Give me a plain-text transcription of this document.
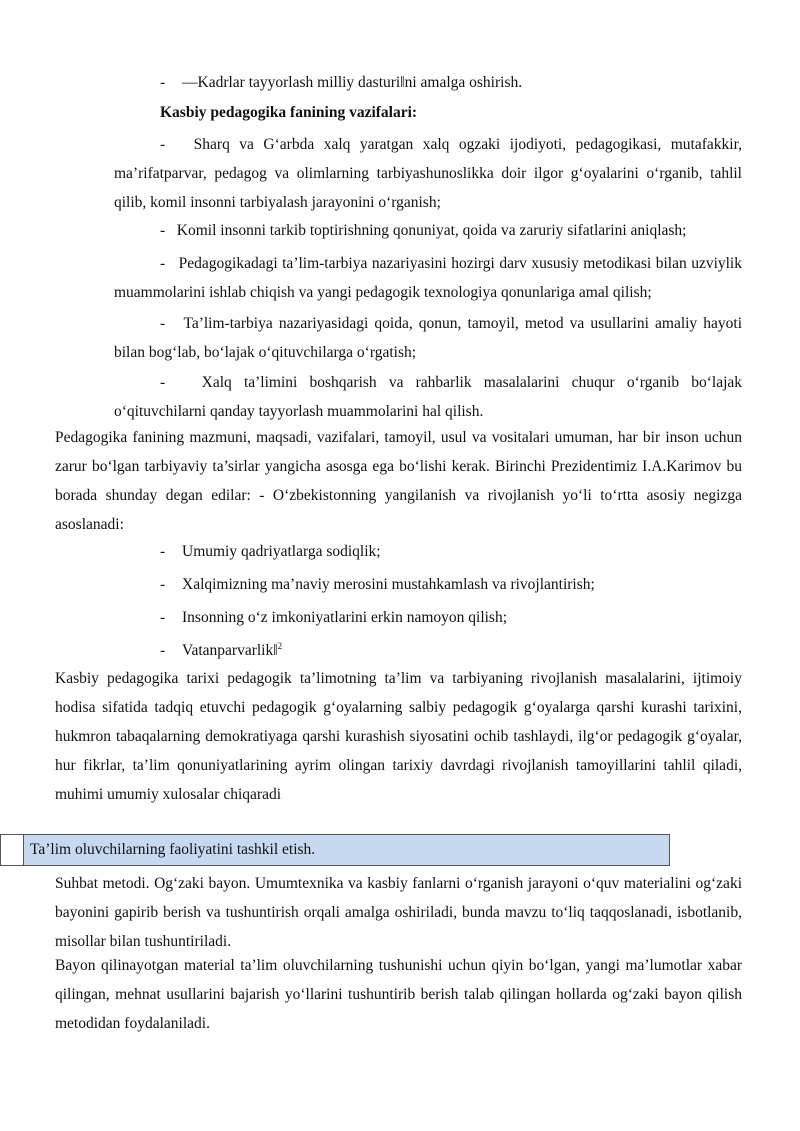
- —Kadrlar tayyorlash milliy dasturi‖ni amalga oshirish.
Kasbiy pedagogika fanining vazifalari:
- Sharq va G‘arbda xalq yaratgan xalq ogzaki ijodiyoti, pedagogikasi, mutafakkir, ma’rifatparvar, pedagog va olimlarning tarbiyashunoslikka doir ilgor g‘oyalarini o‘rganib, tahlil qilib, komil insonni tarbiyalash jarayonini o‘rganish;
- Komil insonni tarkib toptirishning qonuniyat, qoida va zaruriy sifatlarini aniqlash;
- Pedagogikadagi ta’lim-tarbiya nazariyasini hozirgi darv xususiy metodikasi bilan uzviylik muammolarini ishlab chiqish va yangi pedagogik texnologiya qonunlariga amal qilish;
- Ta’lim-tarbiya nazariyasidagi qoida, qonun, tamoyil, metod va usullarini amaliy hayoti bilan bog‘lab, bo‘lajak o‘qituvchilarga o‘rgatish;
- Xalq ta’limini boshqarish va rahbarlik masalalarini chuqur o‘rganib bo‘lajak o‘qituvchilarni qanday tayyorlash muammolarini hal qilish.
Pedagogika fanining mazmuni, maqsadi, vazifalari, tamoyil, usul va vositalari umuman, har bir inson uchun zarur bo‘lgan tarbiyaviy ta’sirlar yangicha asosga ega bo‘lishi kerak. Birinchi Prezidentimiz I.A.Karimov bu borada shunday degan edilar: - O‘zbekistonning yangilanish va rivojlanish yo‘li to‘rtta asosiy negizga asoslanadi:
- Umumiy qadriyatlarga sodiqlik;
- Xalqimizning ma’naviy merosini mustahkamlash va rivojlantirish;
- Insonning o‘z imkoniyatlarini erkin namoyon qilish;
- Vatanparvarlik‖$^2$
Kasbiy pedagogika tarixi pedagogik ta’limotning ta’lim va tarbiyaning rivojlanish masalalarini, ijtimoiy hodisa sifatida tadqiq etuvchi pedagogik g‘oyalarning salbiy pedagogik g‘oyalarga qarshi kurashi tarixini, hukmron tabaqalarning demokratiyaga qarshi kurashish siyosatini ochib tashlaydi, ilg‘or pedagogik g‘oyalar, hur fikrlar, ta’lim qonuniyatlarining ayrim olingan tarixiy davrdagi rivojlanish tamoyillarini tahlil qiladi, muhimi umumiy xulosalar chiqaradi
Ta’lim oluvchilarning faoliyatini tashkil etish.
Suhbat metodi. Og‘zaki bayon. Umumtexnika va kasbiy fanlarni o‘rganish jarayoni o‘quv materialini og‘zaki bayonini gapirib berish va tushuntirish orqali amalga oshiriladi, bunda mavzu to‘liq taqqoslanadi, isbotlanib, misollar bilan tushuntiriladi.
Bayon qilinayotgan material ta’lim oluvchilarning tushunishi uchun qiyin bo‘lgan, yangi ma’lumotlar xabar qilingan, mehnat usullarini bajarish yo‘llarini tushuntirib berish talab qilingan hollarda og‘zaki bayon qilish metodidan foydalaniladi.
